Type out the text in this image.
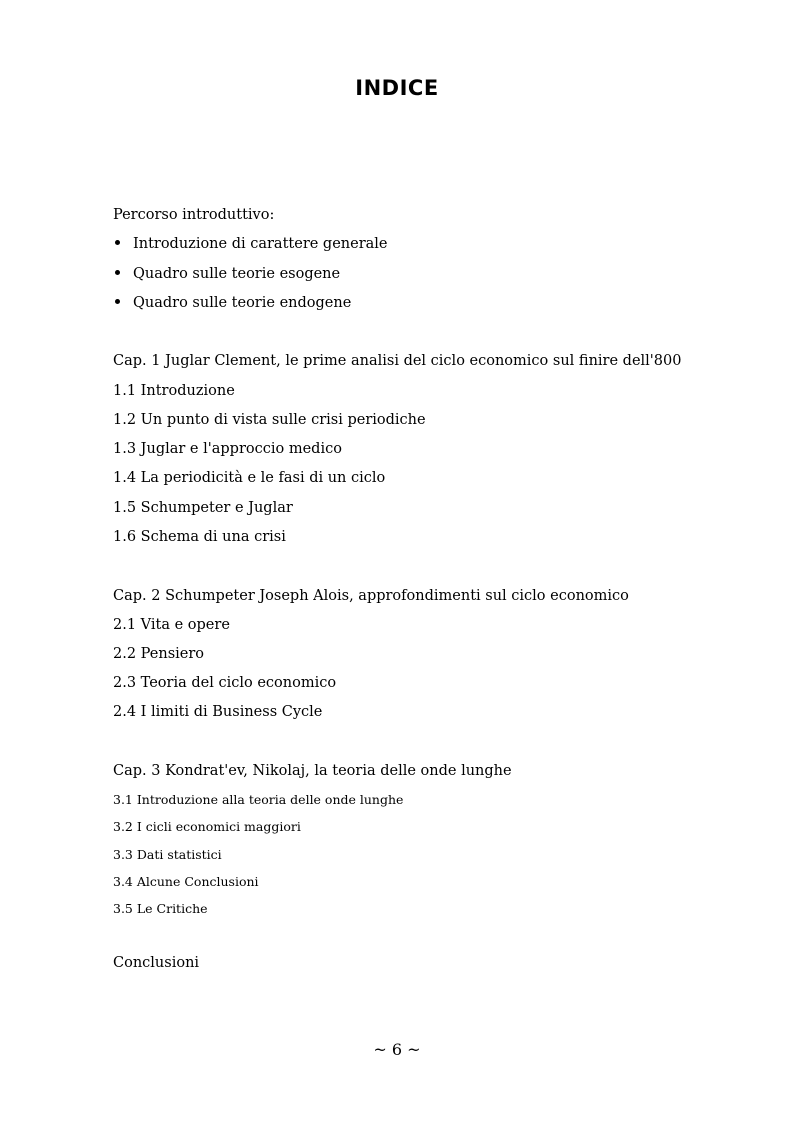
INDICE
Percorso introduttivo:
Introduzione di carattere generale
Quadro sulle teorie esogene
Quadro sulle teorie endogene
Cap. 1 Juglar Clement, le prime analisi del ciclo economico sul finire dell'800
1.1 Introduzione
1.2 Un punto di vista sulle crisi periodiche
1.3 Juglar e l'approccio medico
1.4 La periodicità e le fasi di un ciclo
1.5 Schumpeter e Juglar
1.6 Schema di una crisi
Cap. 2 Schumpeter Joseph Alois, approfondimenti sul ciclo economico
2.1 Vita e opere
2.2 Pensiero
2.3 Teoria del ciclo economico
2.4 I limiti di Business Cycle
Cap. 3 Kondrat'ev, Nikolaj, la teoria delle onde lunghe
3.1 Introduzione alla teoria delle onde lunghe
3.2 I cicli economici maggiori
3.3 Dati statistici
3.4 Alcune Conclusioni
3.5 Le Critiche
Conclusioni
~ 6 ~
